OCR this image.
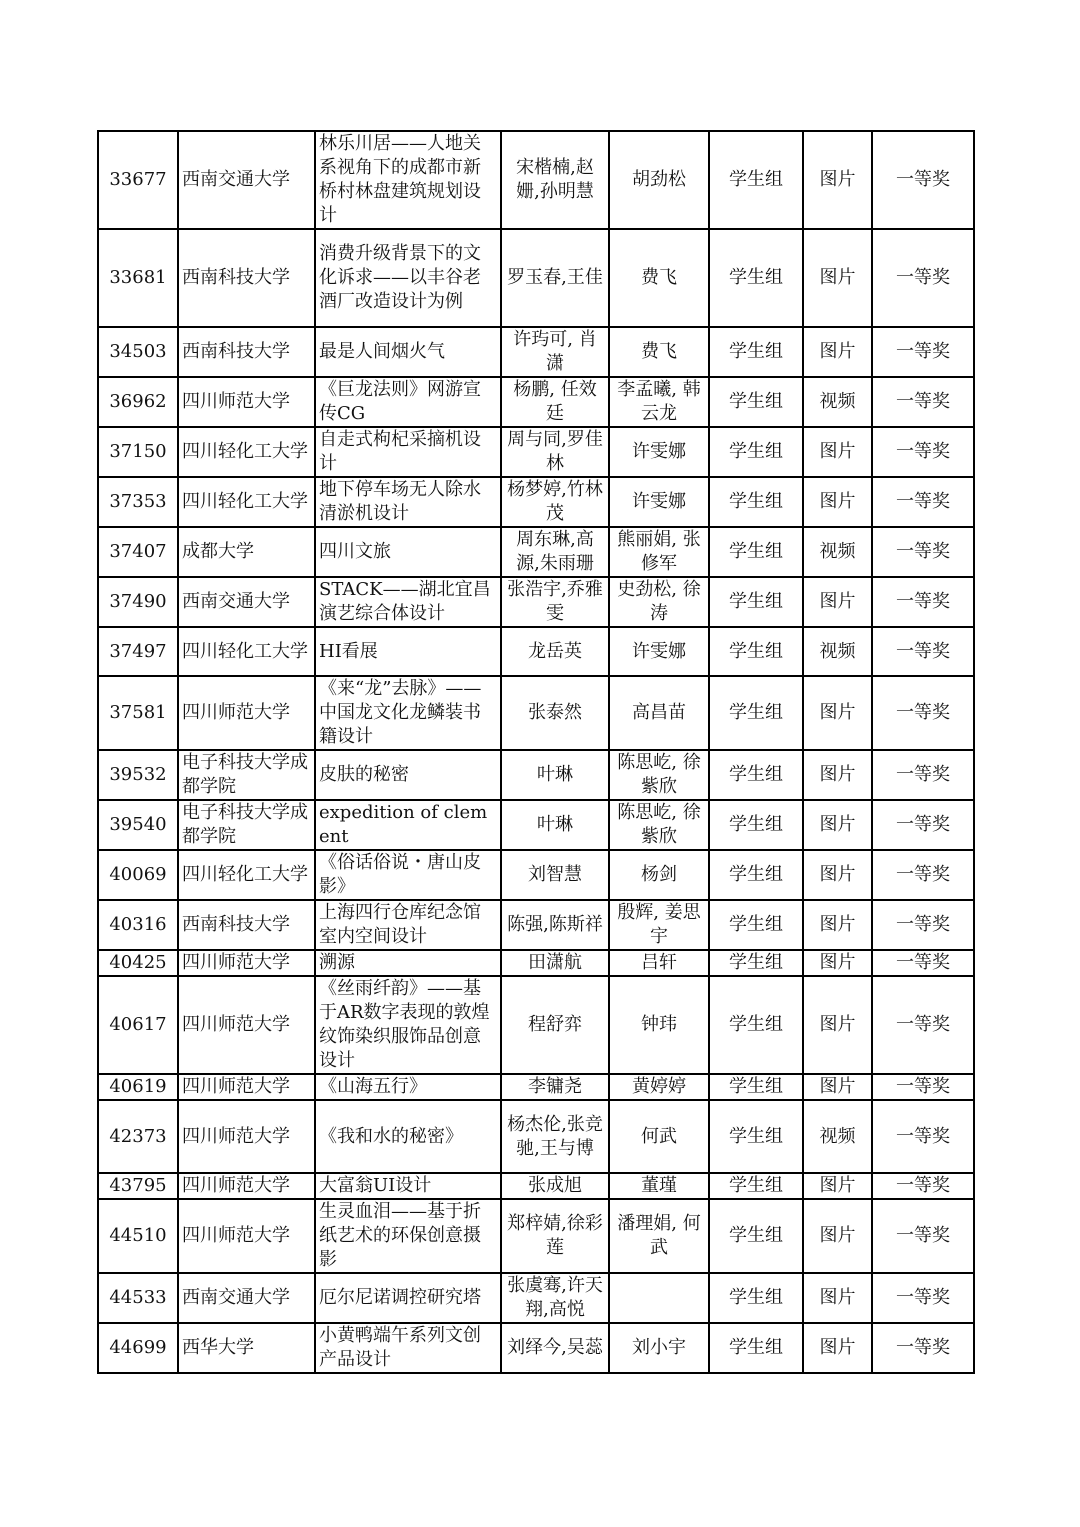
33677	西南交通大学	林乐川居——人地关系视角下的成都市新桥村林盘建筑规划设计	宋楷楠,赵姗,孙明慧	胡劲松	学生组	图片	一等奖

33681	西南科技大学	消费升级背景下的文化诉求——以丰谷老酒厂改造设计为例	罗玉春,王佳	费飞	学生组	图片	一等奖

34503	西南科技大学	最是人间烟火气	许玙可, 肖潇	费飞	学生组	图片	一等奖

36962	四川师范大学	《巨龙法则》网游宣传CG	杨鹏, 任效廷	李孟曦, 韩云龙	学生组	视频	一等奖

37150	四川轻化工大学	自走式枸杞采摘机设计	周与同,罗佳林	许雯娜	学生组	图片	一等奖

37353	四川轻化工大学	地下停车场无人除水清淤机设计	杨梦婷,竹林茂	许雯娜	学生组	图片	一等奖

37407	成都大学	四川文旅	周东琳,高源,朱雨珊	熊丽娟, 张修军	学生组	视频	一等奖

37490	西南交通大学	STACK——湖北宜昌演艺综合体设计	张浩宇,乔雅雯	史劲松, 徐涛	学生组	图片	一等奖

37497	四川轻化工大学	HI看展	龙岳英	许雯娜	学生组	视频	一等奖

37581	四川师范大学	《来“龙”去脉》—— 中国龙文化龙鳞装书籍设计	张泰然	高昌苗	学生组	图片	一等奖

39532	电子科技大学成都学院	皮肤的秘密	叶琳	陈思屹, 徐紫欣	学生组	图片	一等奖

39540	电子科技大学成都学院	expedition of clement	叶琳	陈思屹, 徐紫欣	学生组	图片	一等奖

40069	四川轻化工大学	《俗话俗说・唐山皮影》	刘智慧	杨剑	学生组	图片	一等奖

40316	西南科技大学	上海四行仓库纪念馆室内空间设计	陈强,陈斯祥	殷辉, 姜思宇	学生组	图片	一等奖

40425	四川师范大学	溯源	田潇航	吕轩	学生组	图片	一等奖

40617	四川师范大学	《丝雨纤韵》——基于AR数字表现的敦煌纹饰染织服饰品创意设计	程舒弈	钟玮	学生组	图片	一等奖

40619	四川师范大学	《山海五行》	李镛尧	黄婷婷	学生组	图片	一等奖

42373	四川师范大学	《我和水的秘密》	杨杰伦,张竞驰,王与博	何武	学生组	视频	一等奖

43795	四川师范大学	大富翁UI设计	张成旭	董瑾	学生组	图片	一等奖

44510	四川师范大学	生灵血泪——基于折纸艺术的环保创意摄影	郑梓婧,徐彩莲	潘理娟, 何武	学生组	图片	一等奖

44533	西南交通大学	厄尔尼诺调控研究塔	张虞骞,许天翔,高悦		学生组	图片	一等奖

44699	西华大学	小黄鸭端午系列文创产品设计	刘绎今,吴蕊	刘小宇	学生组	图片	一等奖
